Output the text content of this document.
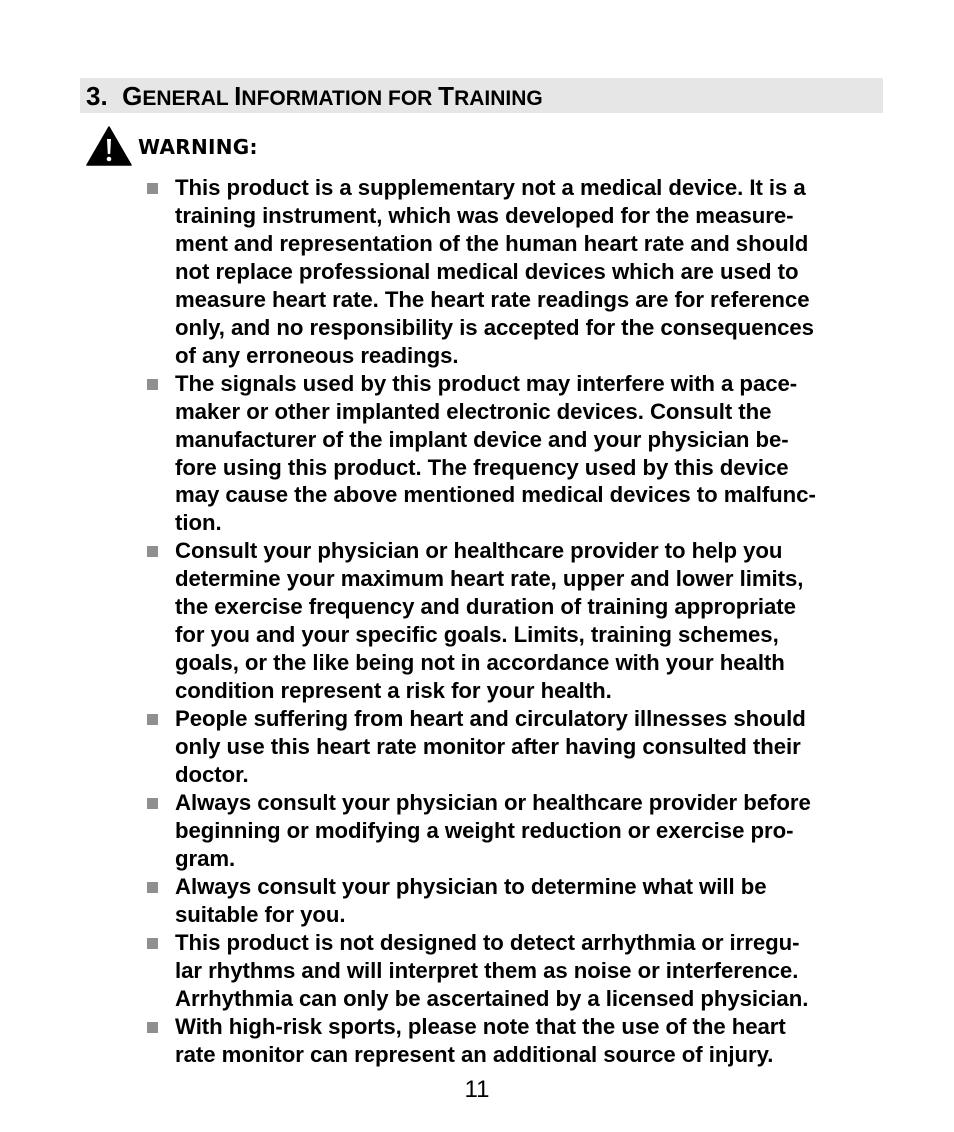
3. GENERAL INFORMATION FOR TRAINING
WARNING:
This product is a supplementary not a medical device. It is a
training instrument, which was developed for the measure-
ment and representation of the human heart rate and should
not replace professional medical devices which are used to
measure heart rate. The heart rate readings are for reference
only, and no responsibility is accepted for the consequences
of any erroneous readings.
The signals used by this product may interfere with a pace-
maker or other implanted electronic devices. Consult the
manufacturer of the implant device and your physician be-
fore using this product. The frequency used by this device
may cause the above mentioned medical devices to malfunc-
tion.
Consult your physician or healthcare provider to help you
determine your maximum heart rate, upper and lower limits,
the exercise frequency and duration of training appropriate
for you and your specific goals. Limits, training schemes,
goals, or the like being not in accordance with your health
condition represent a risk for your health.
People suffering from heart and circulatory illnesses should
only use this heart rate monitor after having consulted their
doctor.
Always consult your physician or healthcare provider before
beginning or modifying a weight reduction or exercise pro-
gram.
Always consult your physician to determine what will be
suitable for you.
This product is not designed to detect arrhythmia or irregu-
lar rhythms and will interpret them as noise or interference.
Arrhythmia can only be ascertained by a licensed physician.
With high-risk sports, please note that the use of the heart
rate monitor can represent an additional source of injury.
11
